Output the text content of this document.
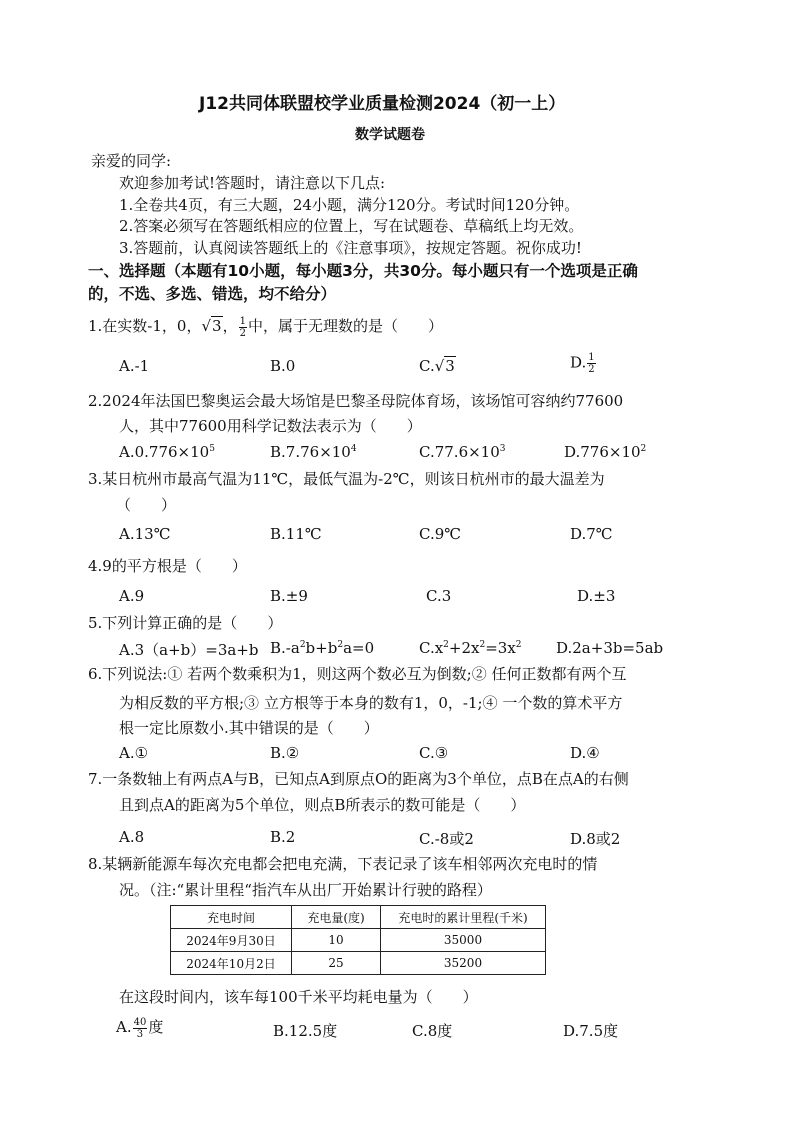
J12共同体联盟校学业质量检测2024（初一上）
数学试题卷
亲爱的同学:
欢迎参加考试!答题时，请注意以下几点:
1.全卷共4页，有三大题，24小题，满分120分。考试时间120分钟。
2.答案必须写在答题纸相应的位置上，写在试题卷、草稿纸上均无效。
3.答题前，认真阅读答题纸上的《注意事项》，按规定答题。祝你成功!
一、选择题（本题有10小题，每小题3分，共30分。每小题只有一个选项是正确
的，不选、多选、错选，均不给分）
1.在实数-1，0，√3， $\frac{1}{2}$ 中，属于无理数的是（　　）
A.-1	B.0	C.√3	D. $\frac{1}{2}$
2.2024年法国巴黎奥运会最大场馆是巴黎圣母院体育场，该场馆可容纳约77600
人，其中77600用科学记数法表示为（　　）
$A.0.776\times 10^5$	$B.7.76\times 10^4$	$C.77.6\times 10^3$	$D.776\times 10^2$
3.某日杭州市最高气温为11℃，最低气温为-2℃，则该日杭州市的最大温差为
（　　）
A.13℃	B.11℃	C.9℃	D.7℃
4.9的平方根是（　　）
A.9	B.±9	C.3	D.±3
5.下列计算正确的是（　　）
A.3（a+b）=3a+b $B.-a^2b+b^2a=0$	$C.x^2+2x^2=3x^2$ D.2a+3b=5ab
6.下列说法:① 若两个数乘积为1，则这两个数必互为倒数;② 任何正数都有两个互
为相反数的平方根;③ 立方根等于本身的数有1，0，-1;④ 一个数的算术平方
根一定比原数小.其中错误的是（　　）
A.①	B.②	C.③	D.④
7.一条数轴上有两点A与B，已知点A到原点O的距离为3个单位，点B在点A的右侧
且到点A的距离为5个单位，则点B所表示的数可能是（　　）
A.8	B.2	C.-8或2	D.8或2
8.某辆新能源车每次充电都会把电充满，下表记录了该车相邻两次充电时的情
况。（注:“累计里程“指汽车从出厂开始累计行驶的路程）
充电时间	充电量(度)	充电时的累计里程(千米)
2024年9月30日	10	35000
2024年10月2日	25	35200
在这段时间内，该车每100千米平均耗电量为（　　）
A. $\frac{40}{3}$ 度	B.12.5度	C.8度	D.7.5度
